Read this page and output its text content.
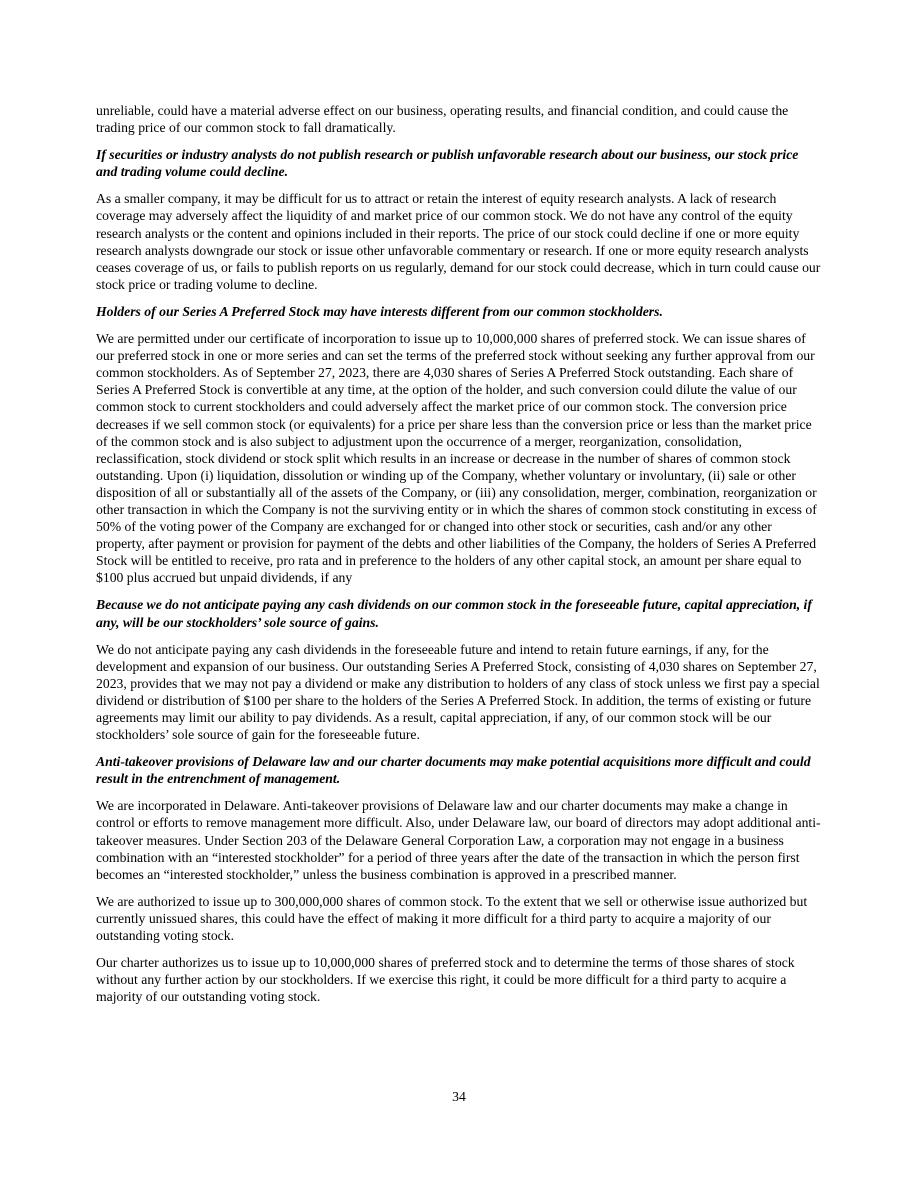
unreliable, could have a material adverse effect on our business, operating results, and financial condition, and could cause the trading price of our common stock to fall dramatically.

If securities or industry analysts do not publish research or publish unfavorable research about our business, our stock price and trading volume could decline.

As a smaller company, it may be difficult for us to attract or retain the interest of equity research analysts. A lack of research coverage may adversely affect the liquidity of and market price of our common stock. We do not have any control of the equity research analysts or the content and opinions included in their reports. The price of our stock could decline if one or more equity research analysts downgrade our stock or issue other unfavorable commentary or research. If one or more equity research analysts ceases coverage of us, or fails to publish reports on us regularly, demand for our stock could decrease, which in turn could cause our stock price or trading volume to decline.

Holders of our Series A Preferred Stock may have interests different from our common stockholders.

We are permitted under our certificate of incorporation to issue up to 10,000,000 shares of preferred stock. We can issue shares of our preferred stock in one or more series and can set the terms of the preferred stock without seeking any further approval from our common stockholders. As of September 27, 2023, there are 4,030 shares of Series A Preferred Stock outstanding. Each share of Series A Preferred Stock is convertible at any time, at the option of the holder, and such conversion could dilute the value of our common stock to current stockholders and could adversely affect the market price of our common stock. The conversion price decreases if we sell common stock (or equivalents) for a price per share less than the conversion price or less than the market price of the common stock and is also subject to adjustment upon the occurrence of a merger, reorganization, consolidation, reclassification, stock dividend or stock split which results in an increase or decrease in the number of shares of common stock outstanding. Upon (i) liquidation, dissolution or winding up of the Company, whether voluntary or involuntary, (ii) sale or other disposition of all or substantially all of the assets of the Company, or (iii) any consolidation, merger, combination, reorganization or other transaction in which the Company is not the surviving entity or in which the shares of common stock constituting in excess of 50% of the voting power of the Company are exchanged for or changed into other stock or securities, cash and/or any other property, after payment or provision for payment of the debts and other liabilities of the Company, the holders of Series A Preferred Stock will be entitled to receive, pro rata and in preference to the holders of any other capital stock, an amount per share equal to $100 plus accrued but unpaid dividends, if any

Because we do not anticipate paying any cash dividends on our common stock in the foreseeable future, capital appreciation, if any, will be our stockholders’ sole source of gains.

We do not anticipate paying any cash dividends in the foreseeable future and intend to retain future earnings, if any, for the development and expansion of our business. Our outstanding Series A Preferred Stock, consisting of 4,030 shares on September 27, 2023, provides that we may not pay a dividend or make any distribution to holders of any class of stock unless we first pay a special dividend or distribution of $100 per share to the holders of the Series A Preferred Stock. In addition, the terms of existing or future agreements may limit our ability to pay dividends. As a result, capital appreciation, if any, of our common stock will be our stockholders’ sole source of gain for the foreseeable future.

Anti-takeover provisions of Delaware law and our charter documents may make potential acquisitions more difficult and could result in the entrenchment of management.

We are incorporated in Delaware. Anti-takeover provisions of Delaware law and our charter documents may make a change in control or efforts to remove management more difficult. Also, under Delaware law, our board of directors may adopt additional anti-takeover measures. Under Section 203 of the Delaware General Corporation Law, a corporation may not engage in a business combination with an “interested stockholder” for a period of three years after the date of the transaction in which the person first becomes an “interested stockholder,” unless the business combination is approved in a prescribed manner.

We are authorized to issue up to 300,000,000 shares of common stock. To the extent that we sell or otherwise issue authorized but currently unissued shares, this could have the effect of making it more difficult for a third party to acquire a majority of our outstanding voting stock.

Our charter authorizes us to issue up to 10,000,000 shares of preferred stock and to determine the terms of those shares of stock without any further action by our stockholders. If we exercise this right, it could be more difficult for a third party to acquire a majority of our outstanding voting stock.

34
